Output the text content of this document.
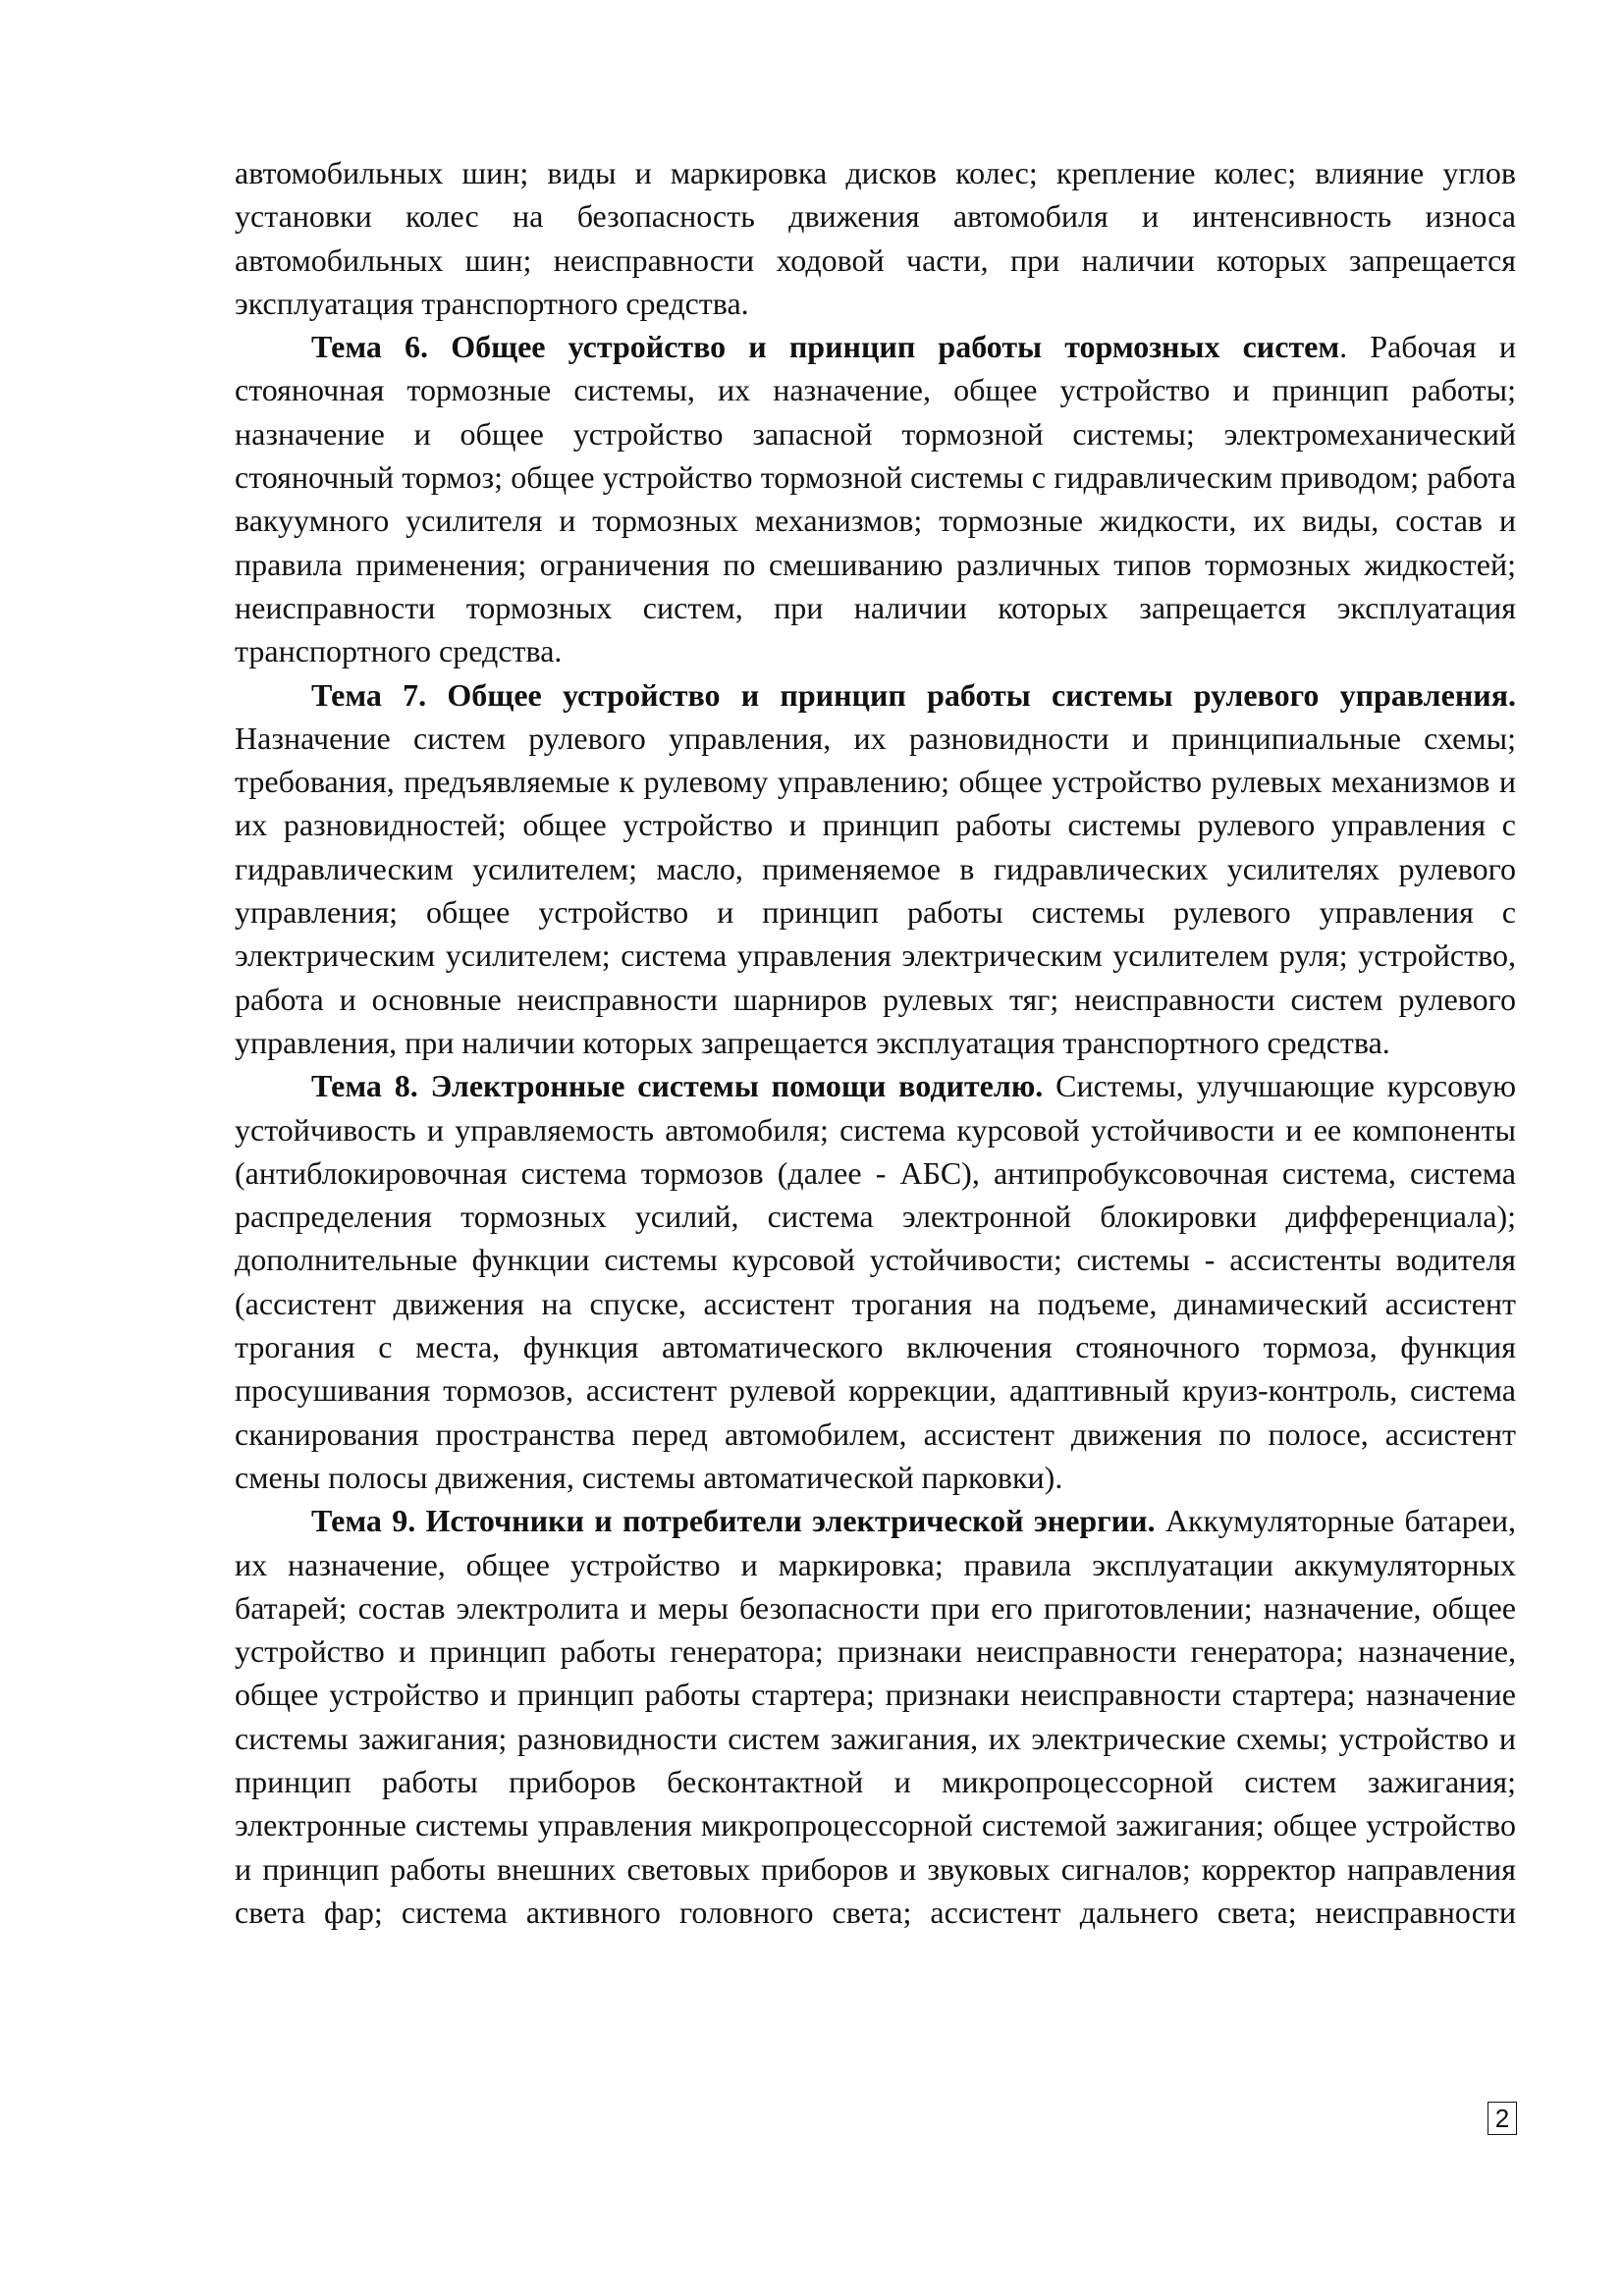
автомобильных шин; виды и маркировка дисков колес; крепление колес; влияние углов установки колес на безопасность движения автомобиля и интенсивность износа автомобильных шин; неисправности ходовой части, при наличии которых запрещается эксплуатация транспортного средства.

Тема 6. Общее устройство и принцип работы тормозных систем. Рабочая и стояночная тормозные системы, их назначение, общее устройство и принцип работы; назначение и общее устройство запасной тормозной системы; электромеханический стояночный тормоз; общее устройство тормозной системы с гидравлическим приводом; работа вакуумного усилителя и тормозных механизмов; тормозные жидкости, их виды, состав и правила применения; ограничения по смешиванию различных типов тормозных жидкостей; неисправности тормозных систем, при наличии которых запрещается эксплуатация транспортного средства.

Тема 7. Общее устройство и принцип работы системы рулевого управления. Назначение систем рулевого управления, их разновидности и принципиальные схемы; требования, предъявляемые к рулевому управлению; общее устройство рулевых механизмов и их разновидностей; общее устройство и принцип работы системы рулевого управления с гидравлическим усилителем; масло, применяемое в гидравлических усилителях рулевого управления; общее устройство и принцип работы системы рулевого управления с электрическим усилителем; система управления электрическим усилителем руля; устройство, работа и основные неисправности шарниров рулевых тяг; неисправности систем рулевого управления, при наличии которых запрещается эксплуатация транспортного средства.

Тема 8. Электронные системы помощи водителю. Системы, улучшающие курсовую устойчивость и управляемость автомобиля; система курсовой устойчивости и ее компоненты (антиблокировочная система тормозов (далее - АБС), антипробуксовочная система, система распределения тормозных усилий, система электронной блокировки дифференциала); дополнительные функции системы курсовой устойчивости; системы - ассистенты водителя (ассистент движения на спуске, ассистент трогания на подъеме, динамический ассистент трогания с места, функция автоматического включения стояночного тормоза, функция просушивания тормозов, ассистент рулевой коррекции, адаптивный круиз-контроль, система сканирования пространства перед автомобилем, ассистент движения по полосе, ассистент смены полосы движения, системы автоматической парковки).

Тема 9. Источники и потребители электрической энергии. Аккумуляторные батареи, их назначение, общее устройство и маркировка; правила эксплуатации аккумуляторных батарей; состав электролита и меры безопасности при его приготовлении; назначение, общее устройство и принцип работы генератора; признаки неисправности генератора; назначение, общее устройство и принцип работы стартера; признаки неисправности стартера; назначение системы зажигания; разновидности систем зажигания, их электрические схемы; устройство и принцип работы приборов бесконтактной и микропроцессорной систем зажигания; электронные системы управления микропроцессорной системой зажигания; общее устройство и принцип работы внешних световых приборов и звуковых сигналов; корректор направления света фар; система активного головного света; ассистент дальнего света; неисправности

2
